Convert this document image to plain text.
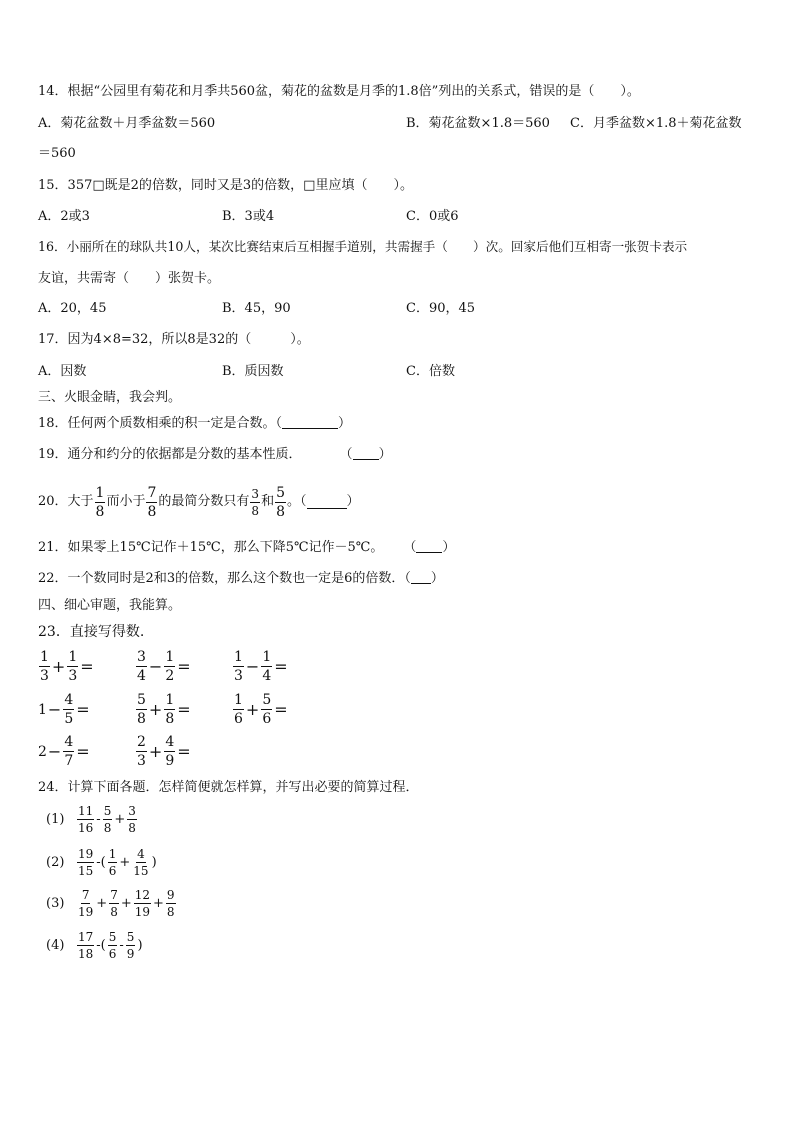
14．根据“公园里有菊花和月季共560盆，菊花的盆数是月季的1.8倍”列出的关系式，错误的是（　　）。
A．菊花盆数＋月季盆数＝560	B．菊花盆数×1.8＝560 C．月季盆数×1.8＋菊花盆数
＝560
15．357□既是2的倍数，同时又是3的倍数，□里应填（　　）。
A．2或3	B．3或4	C．0或6
16．小丽所在的球队共10人，某次比赛结束后互相握手道别，共需握手（　　）次。回家后他们互相寄一张贺卡表示
友谊，共需寄（　　）张贺卡。
A．20，45	B．45，90	C．90，45
17．因为4×8=32，所以8是32的（　　　）。
A．因数	B．质因数	C．倍数
三、火眼金睛，我会判。
18．任何两个质数相乘的积一定是合数。（	）
19．通分和约分的依据都是分数的基本性质．	（ ）
20．大于 $\frac{1}{8}$ 而小于 $\frac{7}{8}$ 的最简分数只有 $\frac{3}{8}$ 和 $\frac{5}{8}$ 。（	）
21．如果零上15℃记作＋15℃，那么下降5℃记作－5℃。 （ ）
22．一个数同时是2和3的倍数，那么这个数也一定是6的倍数．（ ）
四、细心审题，我能算。
23．直接写得数.
$\frac{1}{3} + \frac{1}{3}$ =	$\frac{3}{4} - \frac{1}{2}$ =	$\frac{1}{3} - \frac{1}{4}$ =
$1 - \frac{4}{5}$ =	$\frac{5}{8} + \frac{1}{8}$ =	$\frac{1}{6} + \frac{5}{6}$ =
$2 - \frac{4}{7}$ =	$\frac{2}{3} + \frac{4}{9}$ =
24．计算下面各题．怎样简便就怎样算，并写出必要的简算过程．
(1)	$\frac{11}{16} - \frac{5}{8} + \frac{3}{8}$
(2)	$\frac{19}{15}$ -( $\frac{1}{6} + \frac{4}{15}$ )
(3)	$\frac{7}{19} + \frac{7}{8} + \frac{12}{19} + \frac{9}{8}$
(4)	$\frac{17}{18}$ -( $\frac{5}{6} - \frac{5}{9}$ )
